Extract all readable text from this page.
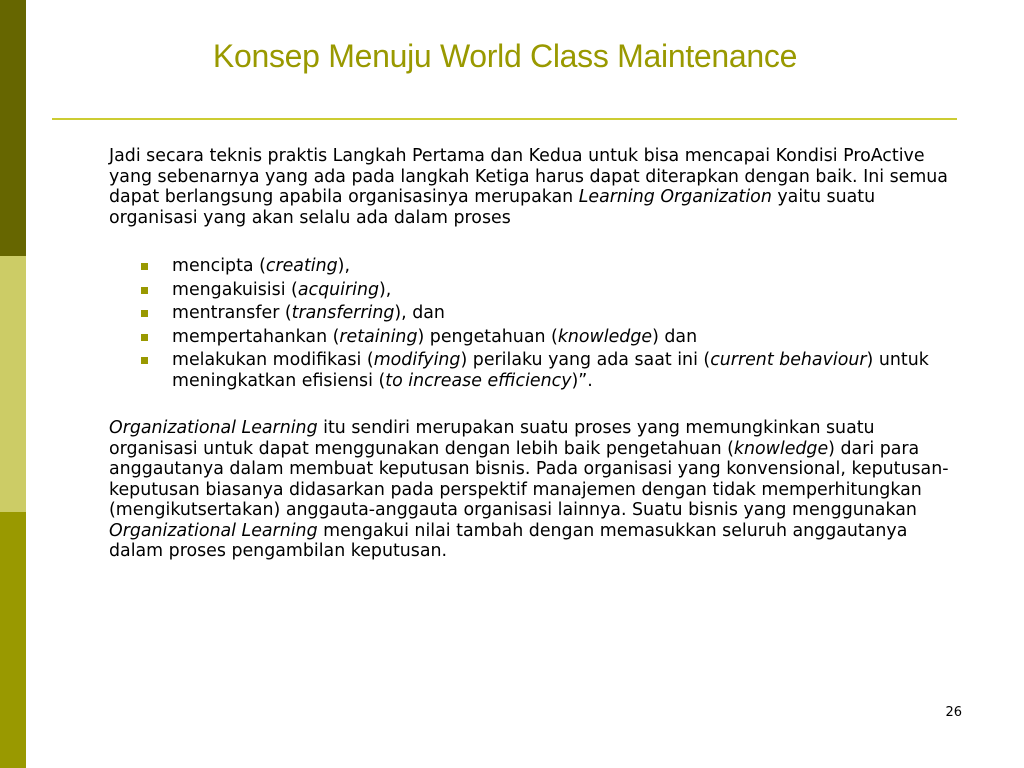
Konsep Menuju World Class Maintenance

Jadi secara teknis praktis Langkah Pertama dan Kedua untuk bisa mencapai Kondisi ProActive yang sebenarnya yang ada pada langkah Ketiga harus dapat diterapkan dengan baik. Ini semua dapat berlangsung apabila organisasinya merupakan Learning Organization yaitu suatu organisasi yang akan selalu ada dalam proses

mencipta (creating),
mengakuisisi (acquiring),
mentransfer (transferring), dan
mempertahankan (retaining) pengetahuan (knowledge) dan
melakukan modifikasi (modifying) perilaku yang ada saat ini (current behaviour) untuk meningkatkan efisiensi (to increase efficiency)”.

Organizational Learning itu sendiri merupakan suatu proses yang memungkinkan suatu organisasi untuk dapat menggunakan dengan lebih baik pengetahuan (knowledge) dari para anggautanya dalam membuat keputusan bisnis. Pada organisasi yang konvensional, keputusan-keputusan biasanya didasarkan pada perspektif manajemen dengan tidak memperhitungkan (mengikutsertakan) anggauta-anggauta organisasi lainnya. Suatu bisnis yang menggunakan Organizational Learning mengakui nilai tambah dengan memasukkan seluruh anggautanya dalam proses pengambilan keputusan.

26
